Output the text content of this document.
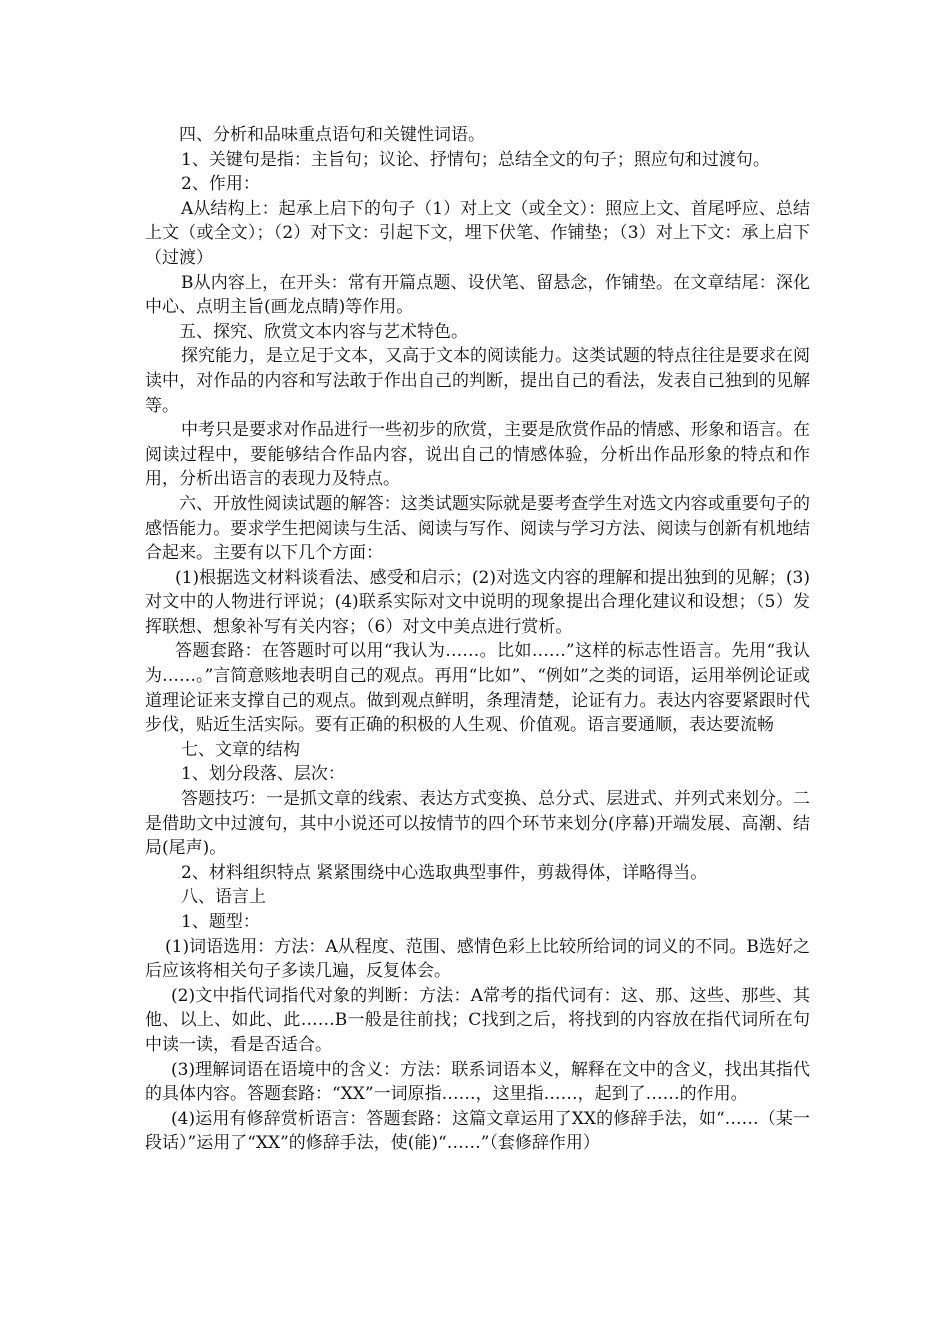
四、分析和品味重点语句和关键性词语。

1、关键句是指：主旨句；议论、抒情句；总结全文的句子；照应句和过渡句。

2、作用：

A从结构上：起承上启下的句子（1）对上文（或全文）：照应上文、首尾呼应、总结上文（或全文）；（2）对下文：引起下文，埋下伏笔、作铺垫；（3）对上下文：承上启下（过渡）

B从内容上，在开头：常有开篇点题、设伏笔、留悬念，作铺垫。在文章结尾：深化中心、点明主旨(画龙点睛)等作用。

五、探究、欣赏文本内容与艺术特色。

探究能力，是立足于文本，又高于文本的阅读能力。这类试题的特点往往是要求在阅读中，对作品的内容和写法敢于作出自己的判断，提出自己的看法，发表自己独到的见解等。

中考只是要求对作品进行一些初步的欣赏，主要是欣赏作品的情感、形象和语言。在阅读过程中，要能够结合作品内容，说出自己的情感体验，分析出作品形象的特点和作用，分析出语言的表现力及特点。

六、开放性阅读试题的解答：这类试题实际就是要考查学生对选文内容或重要句子的感悟能力。要求学生把阅读与生活、阅读与写作、阅读与学习方法、阅读与创新有机地结合起来。主要有以下几个方面：

(1)根据选文材料谈看法、感受和启示；(2)对选文内容的理解和提出独到的见解；(3)对文中的人物进行评说；(4)联系实际对文中说明的现象提出合理化建议和设想；（5）发挥联想、想象补写有关内容；（6）对文中美点进行赏析。

答题套路：在答题时可以用“我认为……。比如……”这样的标志性语言。先用“我认为……。”言简意赅地表明自己的观点。再用“比如”、“例如”之类的词语，运用举例论证或道理论证来支撑自己的观点。做到观点鲜明，条理清楚，论证有力。表达内容要紧跟时代步伐，贴近生活实际。要有正确的积极的人生观、价值观。语言要通顺，表达要流畅

七、文章的结构

1、划分段落、层次：

答题技巧：一是抓文章的线索、表达方式变换、总分式、层进式、并列式来划分。二是借助文中过渡句，其中小说还可以按情节的四个环节来划分(序幕)开端发展、高潮、结局(尾声)。

2、材料组织特点 紧紧围绕中心选取典型事件，剪裁得体，详略得当。

八、语言上

1、题型：

(1)词语选用：方法：A从程度、范围、感情色彩上比较所给词的词义的不同。B选好之后应该将相关句子多读几遍，反复体会。

(2)文中指代词指代对象的判断：方法：A常考的指代词有：这、那、这些、那些、其他、以上、如此、此……B一般是往前找；C找到之后，将找到的内容放在指代词所在句中读一读，看是否适合。

(3)理解词语在语境中的含义：方法：联系词语本义，解释在文中的含义，找出其指代的具体内容。答题套路：“XX”一词原指……，这里指……，起到了……的作用。

(4)运用有修辞赏析语言：答题套路：这篇文章运用了XX的修辞手法，如“……（某一段话）”运用了“XX”的修辞手法，使(能)“……”（套修辞作用）
